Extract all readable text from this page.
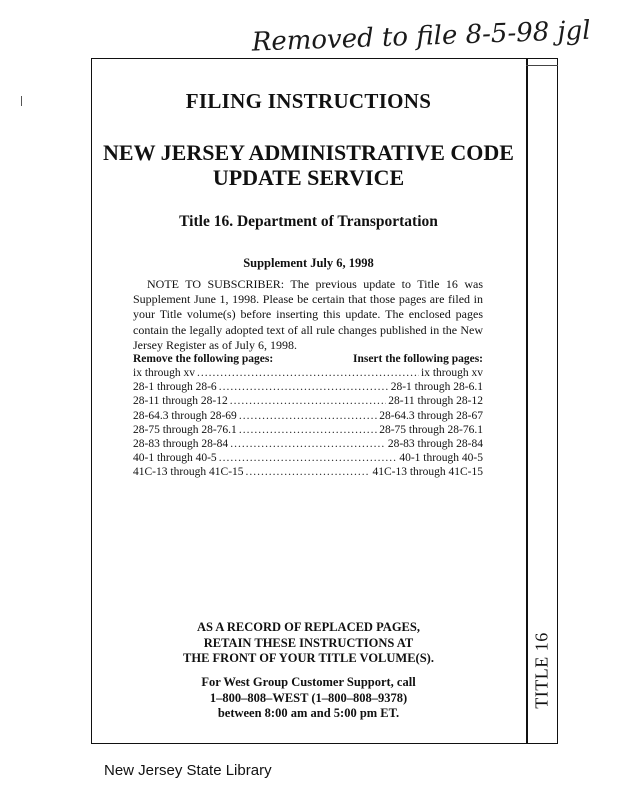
Removed to file 8-5-98 jgl
TITLE 16
FILING INSTRUCTIONS
NEW JERSEY ADMINISTRATIVE CODE
UPDATE SERVICE
Title 16. Department of Transportation
Supplement July 6, 1998
NOTE TO SUBSCRIBER: The previous update to Title 16 was Supplement June 1, 1998. Please be certain that those pages are filed in your Title volume(s) before inserting this update. The enclosed pages contain the legally adopted text of all rule changes published in the New Jersey Register as of July 6, 1998.
Remove the following pages:	Insert the following pages:
ix through xv .....	ix through xv
28-1 through 28-6 .....	28-1 through 28-6.1
28-11 through 28-12 .....	28-11 through 28-12
28-64.3 through 28-69 .....	28-64.3 through 28-67
28-75 through 28-76.1 .....	28-75 through 28-76.1
28-83 through 28-84 .....	28-83 through 28-84
40-1 through 40-5 .....	40-1 through 40-5
41C-13 through 41C-15 .....	41C-13 through 41C-15
AS A RECORD OF REPLACED PAGES,
RETAIN THESE INSTRUCTIONS AT
THE FRONT OF YOUR TITLE VOLUME(S).
For West Group Customer Support, call
1–800–808–WEST (1–800–808–9378)
between 8:00 am and 5:00 pm ET.
New Jersey State Library
